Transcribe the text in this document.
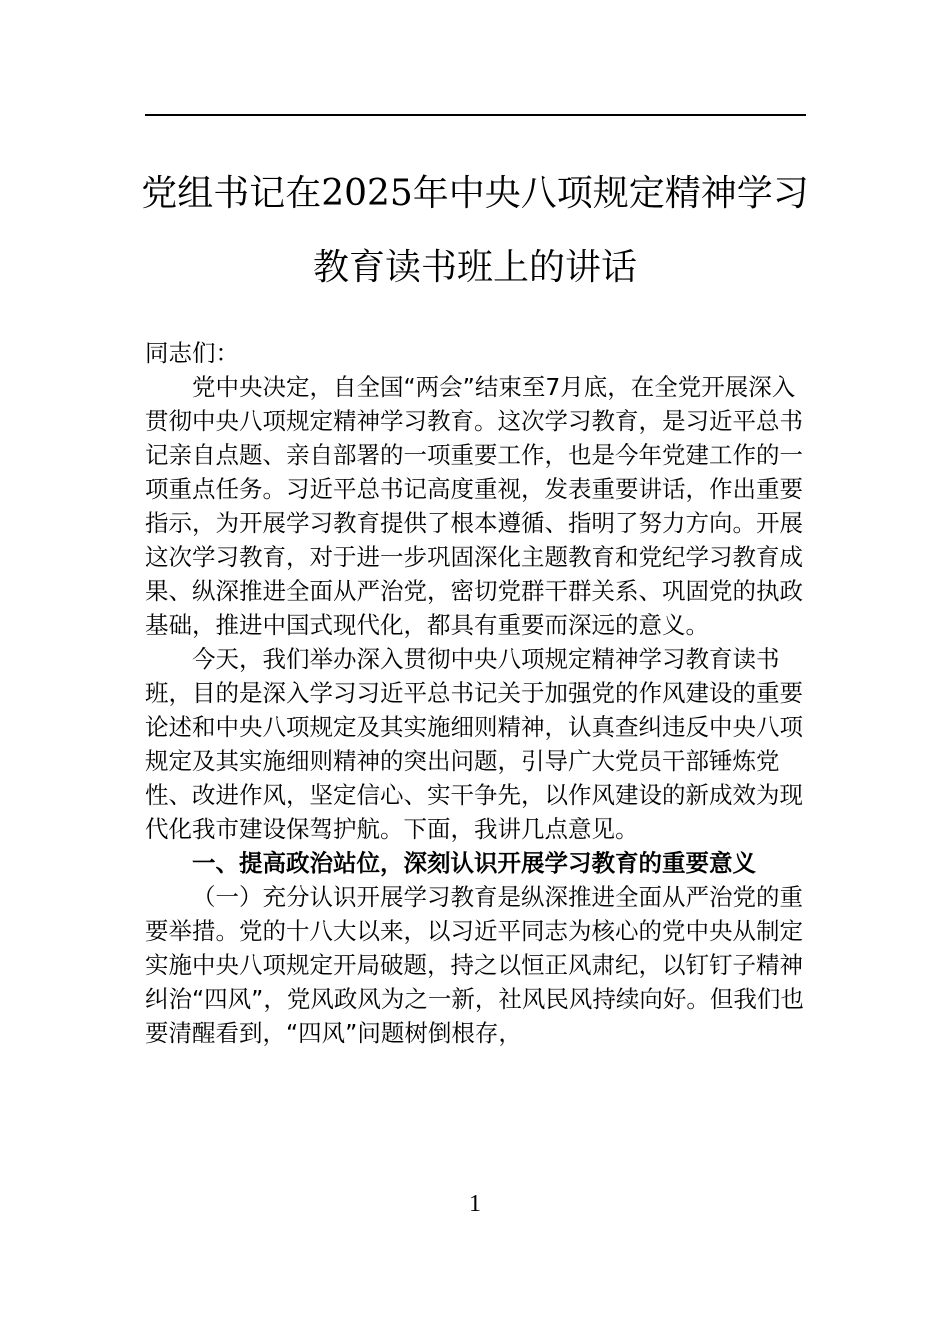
党组书记在2025年中央八项规定精神学习
教育读书班上的讲话

同志们：

党中央决定，自全国“两会”结束至7月底，在全党开展深入贯彻中央八项规定精神学习教育。这次学习教育，是习近平总书记亲自点题、亲自部署的一项重要工作，也是今年党建工作的一项重点任务。习近平总书记高度重视，发表重要讲话，作出重要指示，为开展学习教育提供了根本遵循、指明了努力方向。开展这次学习教育，对于进一步巩固深化主题教育和党纪学习教育成果、纵深推进全面从严治党，密切党群干群关系、巩固党的执政基础，推进中国式现代化，都具有重要而深远的意义。

今天，我们举办深入贯彻中央八项规定精神学习教育读书班，目的是深入学习习近平总书记关于加强党的作风建设的重要论述和中央八项规定及其实施细则精神，认真查纠违反中央八项规定及其实施细则精神的突出问题，引导广大党员干部锤炼党性、改进作风，坚定信心、实干争先，以作风建设的新成效为现代化我市建设保驾护航。下面，我讲几点意见。

一、提高政治站位，深刻认识开展学习教育的重要意义

（一）充分认识开展学习教育是纵深推进全面从严治党的重要举措。党的十八大以来，以习近平同志为核心的党中央从制定实施中央八项规定开局破题，持之以恒正风肃纪，以钉钉子精神纠治“四风”，党风政风为之一新，社风民风持续向好。但我们也要清醒看到，“四风”问题树倒根存，

1
